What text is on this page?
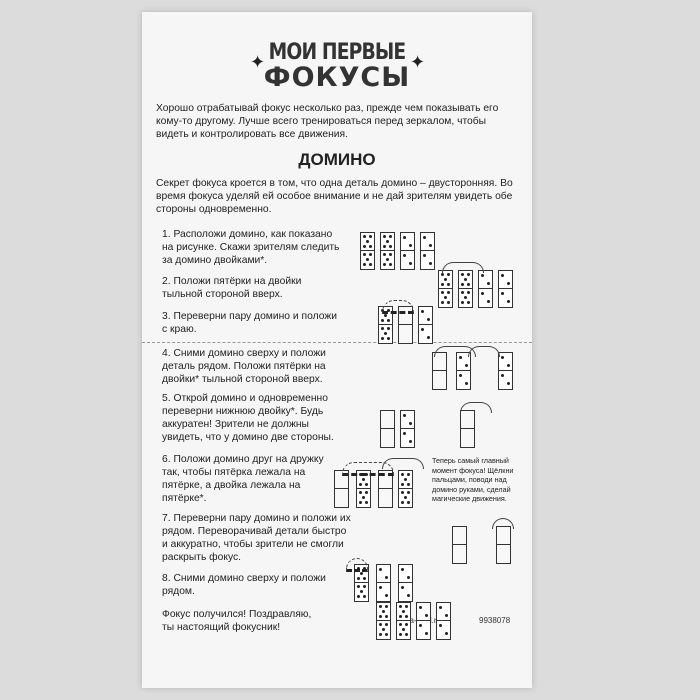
✦	✦
МОИ ПЕРВЫЕ
ФОКУСЫ
Хорошо отрабатывай фокус несколько раз, прежде чем показывать его кому-то другому. Лучше всего тренироваться перед зеркалом, чтобы видеть и контролировать все движения.
ДОМИНО
Секрет фокуса кроется в том, что одна деталь домино – двусторонняя. Во время фокуса уделяй ей особое внимание и не дай зрителям увидеть обе стороны одновременно.
1. Расположи домино, как показано на рисунке. Скажи зрителям следить за домино двойками*.
2. Положи пятёрки на двойки тыльной стороной вверх.
3. Переверни пару домино и положи с краю.
4. Сними домино сверху и положи деталь рядом. Положи пятёрки на двойки* тыльной стороной вверх.
5. Открой домино и одновременно переверни нижнюю двойку*. Будь аккуратен! Зрители не должны увидеть, что у домино две стороны.
6. Положи домино друг на дружку так, чтобы пятёрка лежала на пятёрке, а двойка лежала на пятёрке*.
7. Переверни пару домино и положи их рядом. Переворачивай детали быстро и аккуратно, чтобы зрители не смогли раскрыть фокус.
8. Сними домино сверху и положи рядом.
Фокус получился! Поздравляю, ты настоящий фокусник!
Теперь самый главный момент фокуса! Щёлкни пальцами, поводи над домино руками, сделай магические движения.
9938078
